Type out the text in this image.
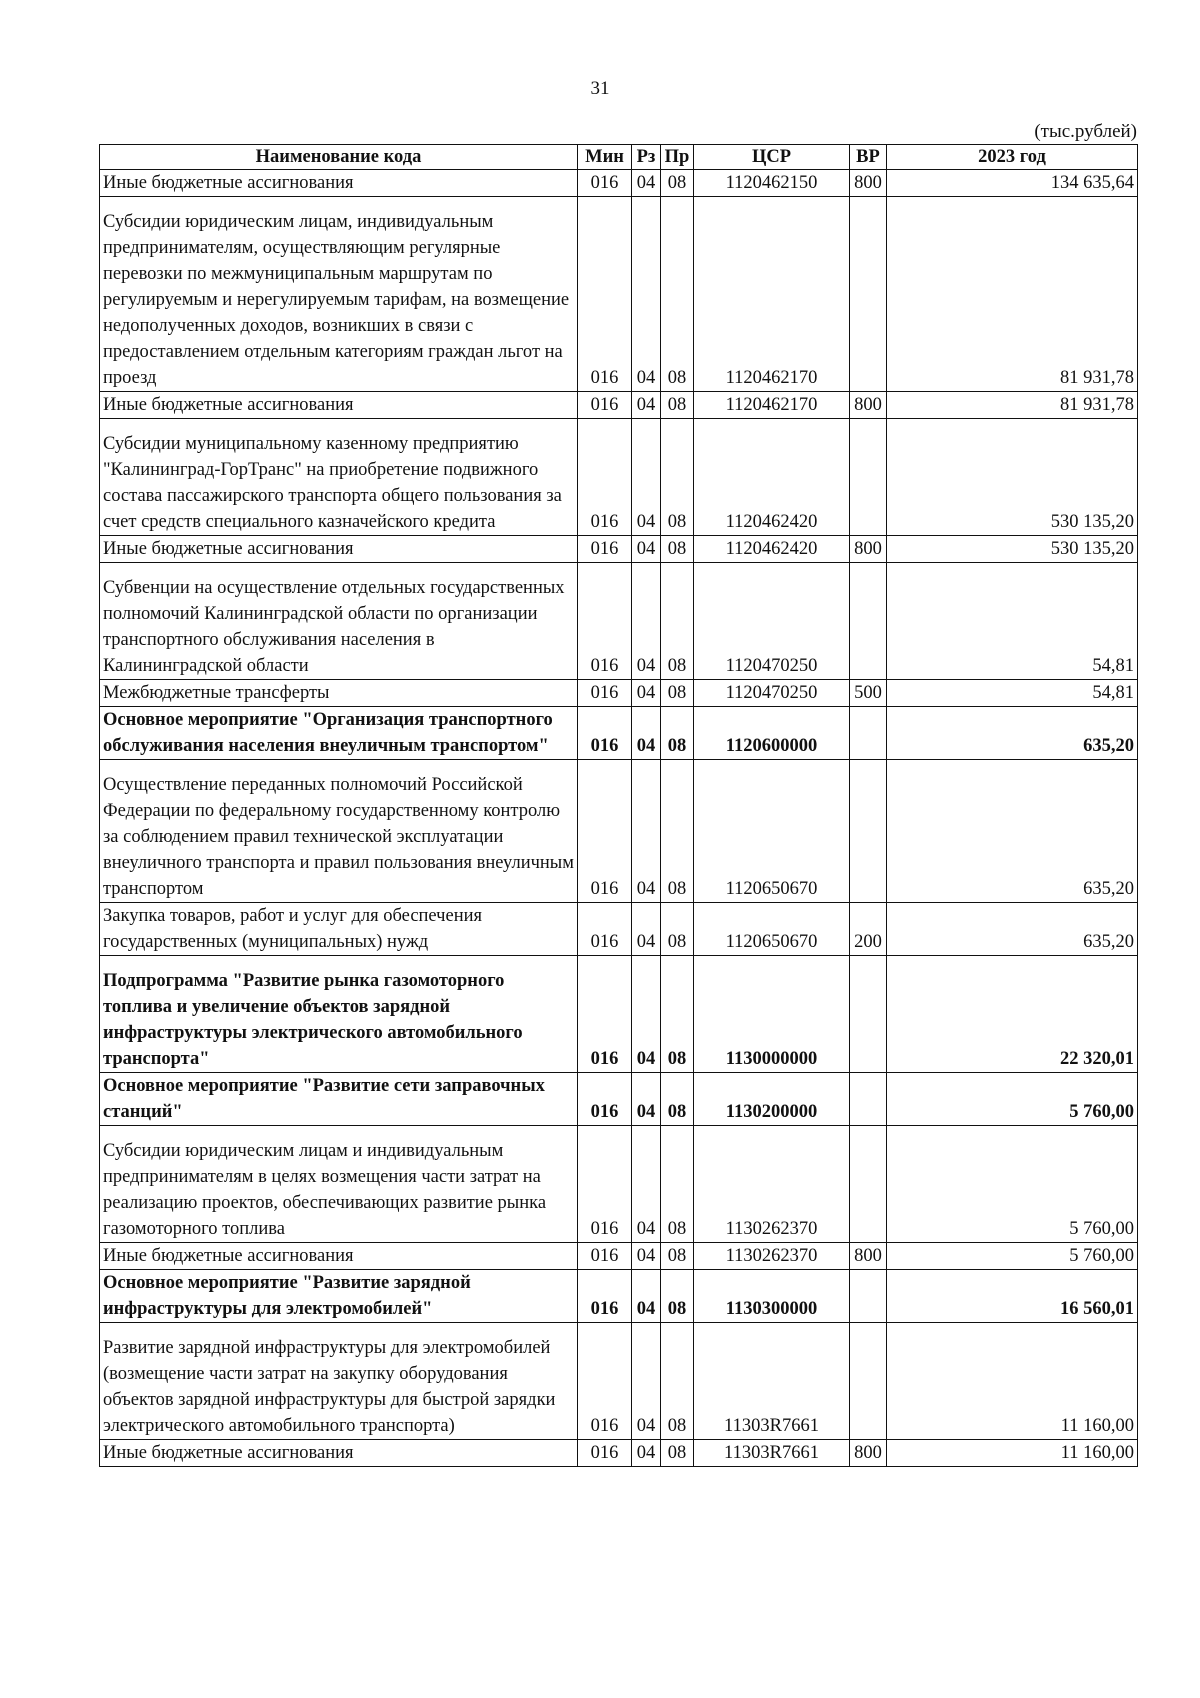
31
(тыс.рублей)
Наименование кода	Мин	Рз	Пр	ЦСР	ВР	2023 год
Иные бюджетные ассигнования	016	04	08	1120462150	800	134 635,64
Субсидии юридическим лицам, индивидуальным предпринимателям, осуществляющим регулярные перевозки по межмуниципальным маршрутам по регулируемым и нерегулируемым тарифам, на возмещение недополученных доходов, возникших в связи с предоставлением отдельным категориям граждан льгот на проезд	016	04	08	1120462170		81 931,78
Иные бюджетные ассигнования	016	04	08	1120462170	800	81 931,78
Субсидии муниципальному казенному предприятию "Калининград-ГорТранс" на приобретение подвижного состава пассажирского транспорта общего пользования за счет средств специального казначейского кредита	016	04	08	1120462420		530 135,20
Иные бюджетные ассигнования	016	04	08	1120462420	800	530 135,20
Субвенции на осуществление отдельных государственных полномочий Калининградской области по организации транспортного обслуживания населения в Калининградской области	016	04	08	1120470250		54,81
Межбюджетные трансферты	016	04	08	1120470250	500	54,81
Основное мероприятие "Организация транспортного обслуживания населения внеуличным транспортом"	016	04	08	1120600000		635,20
Осуществление переданных полномочий Российской Федерации по федеральному государственному контролю за соблюдением правил технической эксплуатации внеуличного транспорта и правил пользования внеуличным транспортом	016	04	08	1120650670		635,20
Закупка товаров, работ и услуг для обеспечения государственных (муниципальных) нужд	016	04	08	1120650670	200	635,20
Подпрограмма "Развитие рынка газомоторного топлива и увеличение объектов зарядной инфраструктуры электрического автомобильного транспорта"	016	04	08	1130000000		22 320,01
Основное мероприятие "Развитие сети заправочных станций"	016	04	08	1130200000		5 760,00
Субсидии юридическим лицам и индивидуальным предпринимателям в целях возмещения части затрат на реализацию проектов, обеспечивающих развитие рынка газомоторного топлива	016	04	08	1130262370		5 760,00
Иные бюджетные ассигнования	016	04	08	1130262370	800	5 760,00
Основное мероприятие "Развитие зарядной инфраструктуры для электромобилей"	016	04	08	1130300000		16 560,01
Развитие зарядной инфраструктуры для электромобилей (возмещение части затрат на закупку оборудования объектов зарядной инфраструктуры для быстрой зарядки электрического автомобильного транспорта)	016	04	08	11303R7661		11 160,00
Иные бюджетные ассигнования	016	04	08	11303R7661	800	11 160,00
